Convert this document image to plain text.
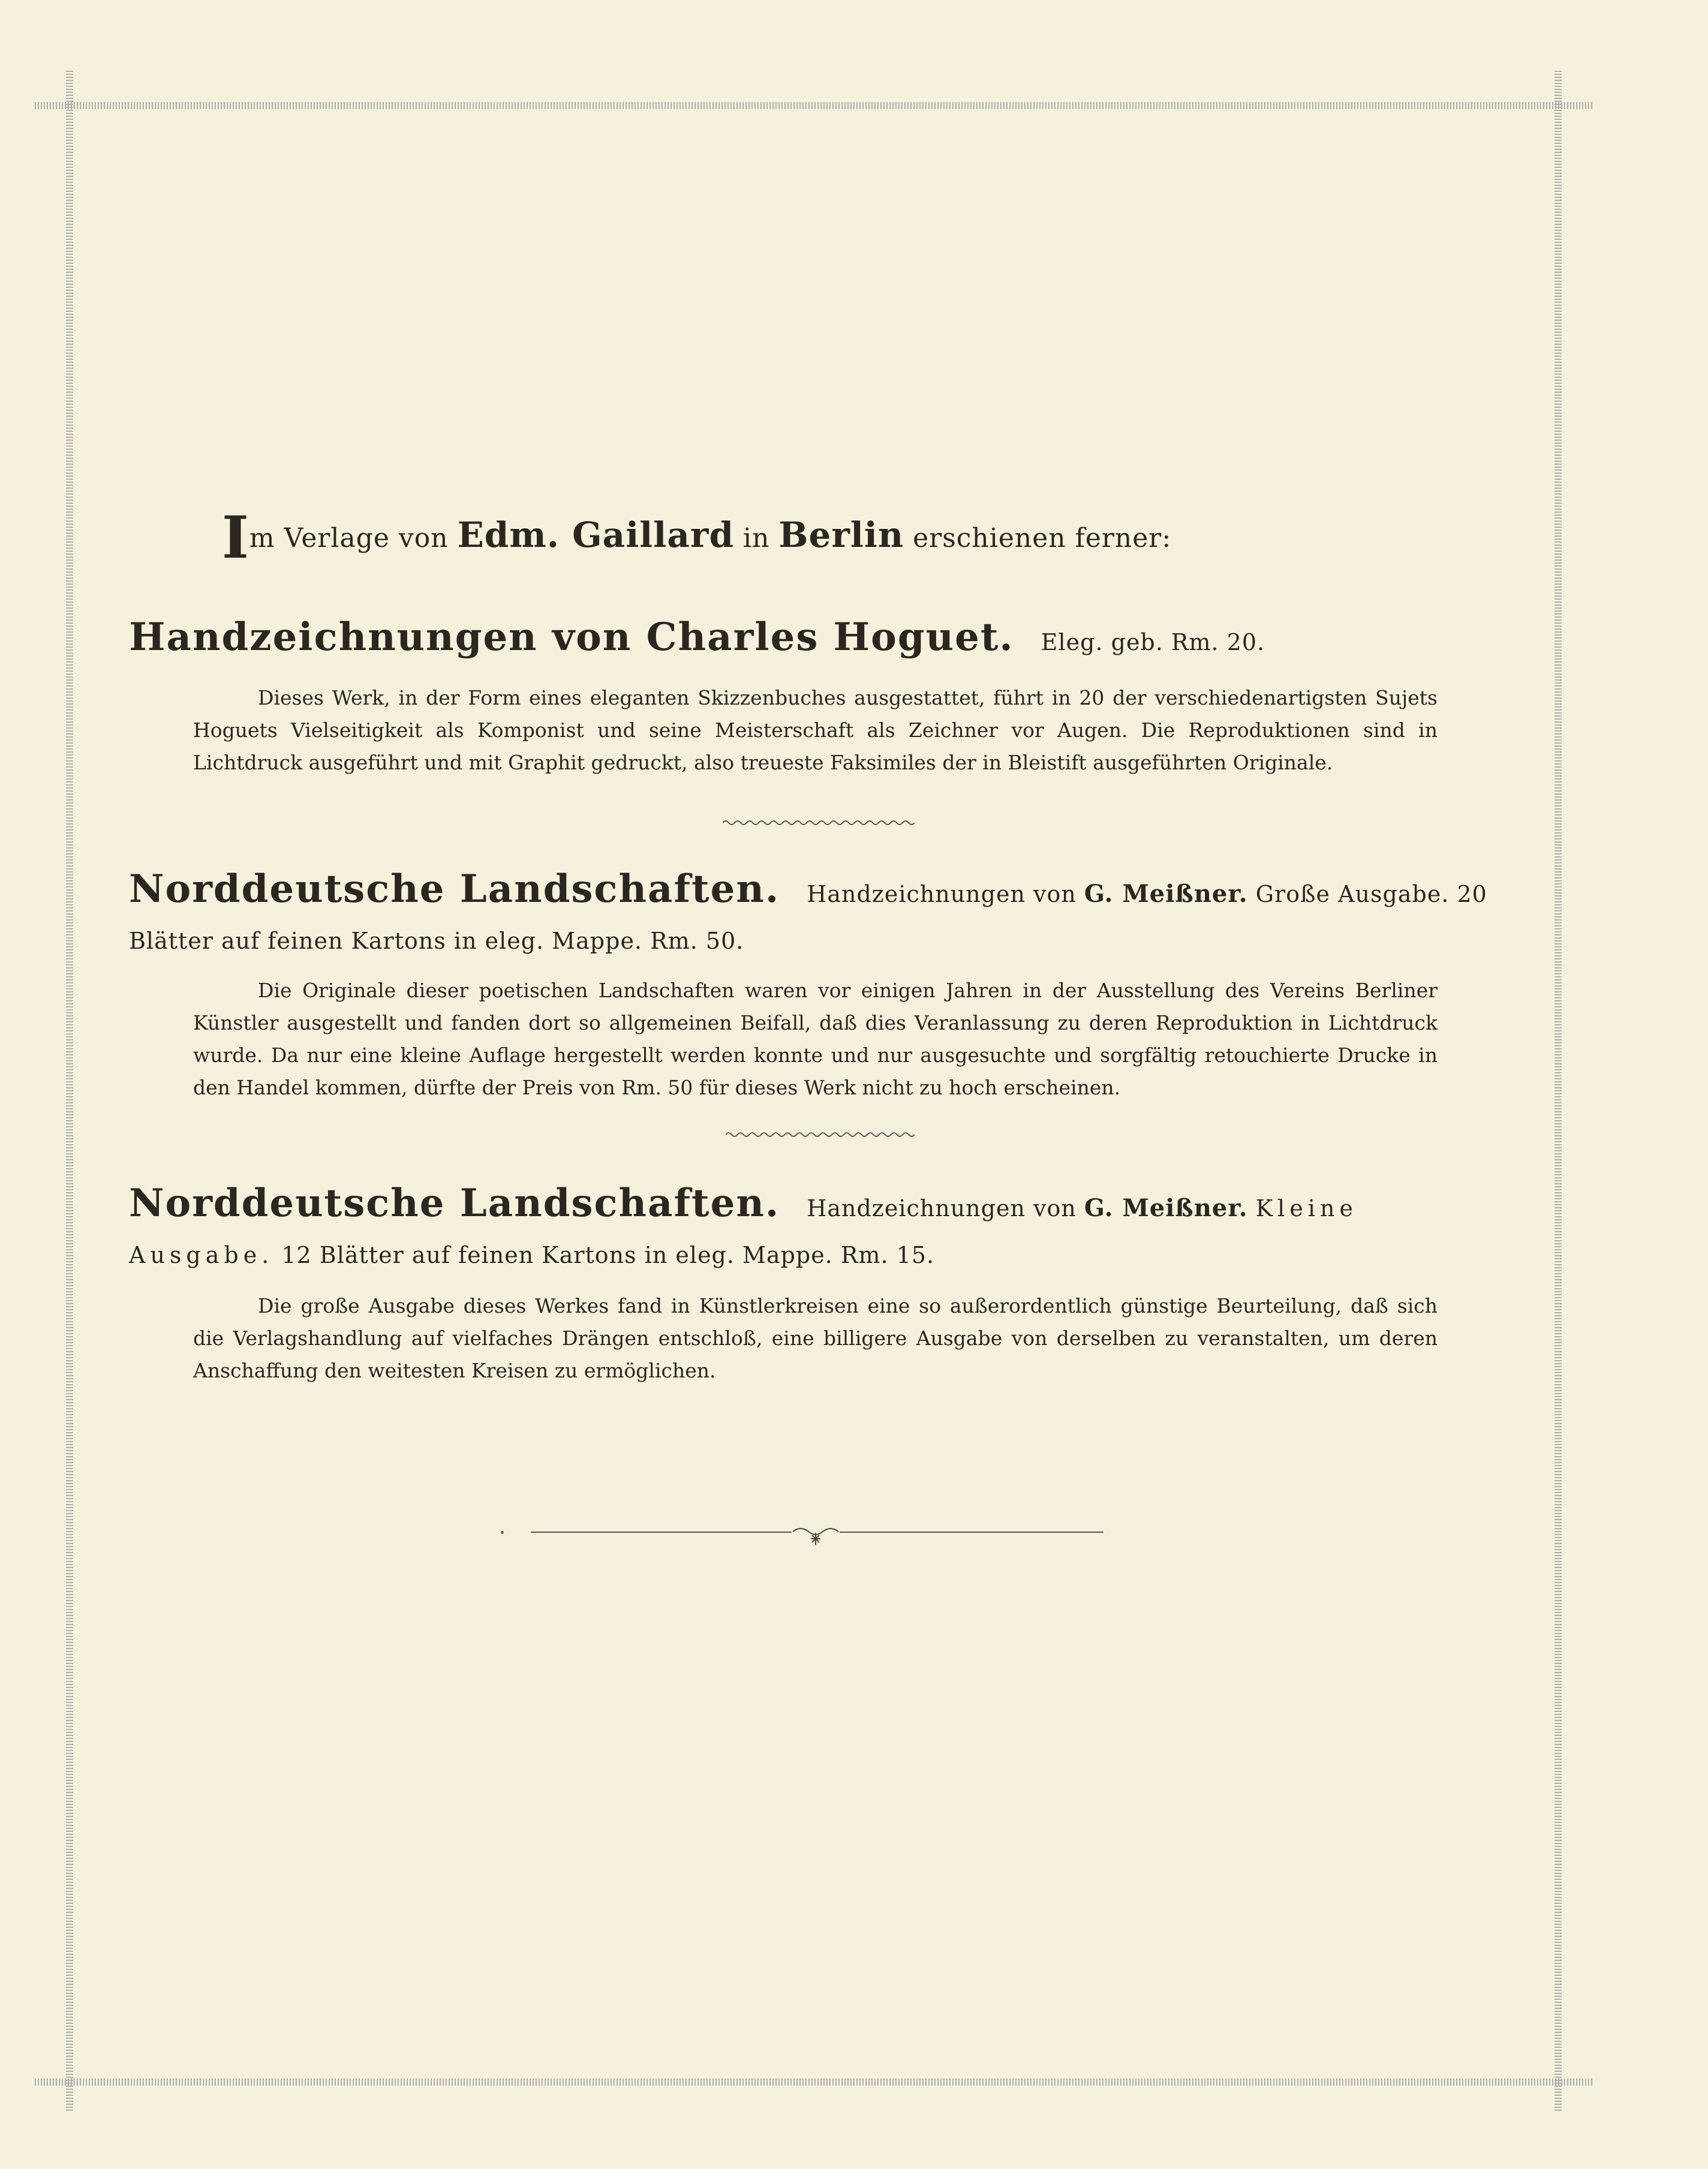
Im Verlage von Edm. Gaillard in Berlin erschienen ferner:
Handzeichnungen von Charles Hoguet. Eleg. geb. Rm. 20.
Dieses Werk, in der Form eines eleganten Skizzenbuches ausgestattet, führt in 20 der verschiedenartigsten Sujets Hoguets Vielseitigkeit als Komponist und seine Meisterschaft als Zeichner vor Augen. Die Reproduktionen sind in Lichtdruck ausgeführt und mit Graphit gedruckt, also treueste Faksimiles der in Bleistift ausgeführten Originale.
Norddeutsche Landschaften. Handzeichnungen von G. Meißner. Große Ausgabe. 20 Blätter auf feinen Kartons in eleg. Mappe. Rm. 50.
Die Originale dieser poetischen Landschaften waren vor einigen Jahren in der Ausstellung des Vereins Berliner Künstler ausgestellt und fanden dort so allgemeinen Beifall, daß dies Veranlassung zu deren Reproduktion in Lichtdruck wurde. Da nur eine kleine Auflage hergestellt werden konnte und nur ausgesuchte und sorgfältig retouchierte Drucke in den Handel kommen, dürfte der Preis von Rm. 50 für dieses Werk nicht zu hoch erscheinen.
Norddeutsche Landschaften. Handzeichnungen von G. Meißner. Kleine Ausgabe. 12 Blätter auf feinen Kartons in eleg. Mappe. Rm. 15.
Die große Ausgabe dieses Werkes fand in Künstlerkreisen eine so außerordentlich günstige Beurteilung, daß sich die Verlagshandlung auf vielfaches Drängen entschloß, eine billigere Ausgabe von derselben zu veranstalten, um deren Anschaffung den weitesten Kreisen zu ermöglichen.
